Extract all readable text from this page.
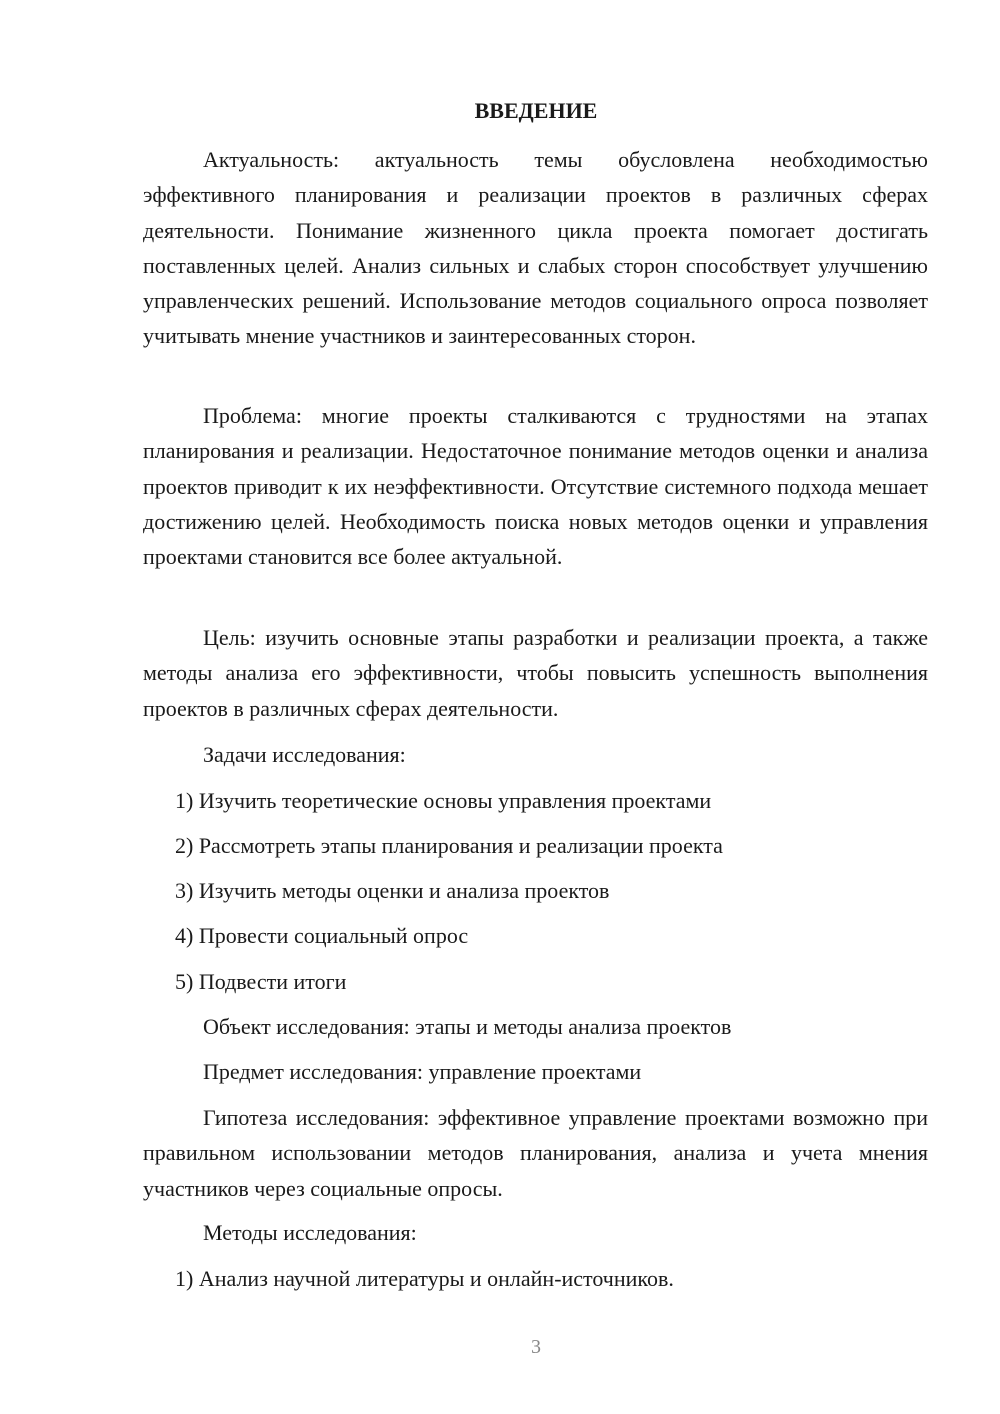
ВВЕДЕНИЕ

Актуальность: актуальность темы обусловлена необходимостью эффективного планирования и реализации проектов в различных сферах деятельности. Понимание жизненного цикла проекта помогает достигать поставленных целей. Анализ сильных и слабых сторон способствует улучшению управленческих решений. Использование методов социального опроса позволяет учитывать мнение участников и заинтересованных сторон.

Проблема: многие проекты сталкиваются с трудностями на этапах планирования и реализации. Недостаточное понимание методов оценки и анализа проектов приводит к их неэффективности. Отсутствие системного подхода мешает достижению целей. Необходимость поиска новых методов оценки и управления проектами становится все более актуальной.

Цель: изучить основные этапы разработки и реализации проекта, а также методы анализа его эффективности, чтобы повысить успешность выполнения проектов в различных сферах деятельности.

Задачи исследования:
1) Изучить теоретические основы управления проектами
2) Рассмотреть этапы планирования и реализации проекта
3) Изучить методы оценки и анализа проектов
4) Провести социальный опрос
5) Подвести итоги
Объект исследования: этапы и методы анализа проектов
Предмет исследования: управление проектами

Гипотеза исследования: эффективное управление проектами возможно при правильном использовании методов планирования, анализа и учета мнения участников через социальные опросы.

Методы исследования:
1) Анализ научной литературы и онлайн-источников.
3
